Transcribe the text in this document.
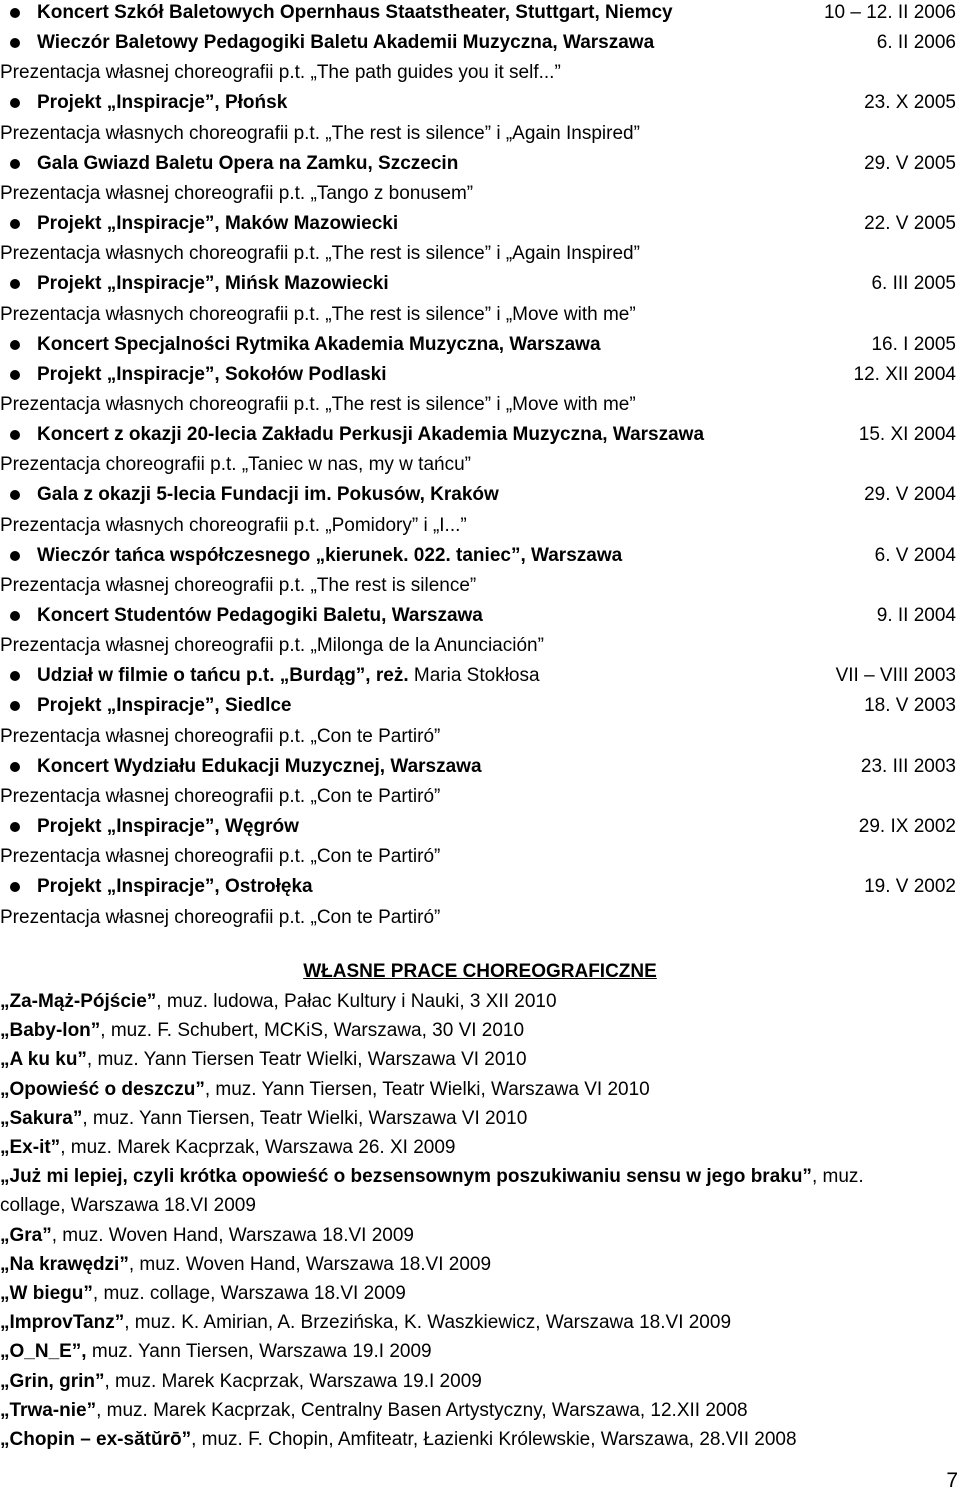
Koncert Szkół Baletowych Opernhaus Staatstheater, Stuttgart, Niemcy	10 – 12. II 2006
Wieczór Baletowy Pedagogiki Baletu Akademii Muzyczna, Warszawa	6. II 2006
Prezentacja własnej choreografii p.t. „The path guides you it self...”
Projekt „Inspiracje”, Płońsk	23. X 2005
Prezentacja własnych choreografii p.t. „The rest is silence” i „Again Inspired”
Gala Gwiazd Baletu Opera na Zamku, Szczecin	29. V 2005
Prezentacja własnej choreografii p.t. „Tango z bonusem”
Projekt „Inspiracje”, Maków Mazowiecki	22. V 2005
Prezentacja własnych choreografii p.t. „The rest is silence” i „Again Inspired”
Projekt „Inspiracje”, Mińsk Mazowiecki	6. III 2005
Prezentacja własnych choreografii p.t. „The rest is silence” i „Move with me”
Koncert Specjalności Rytmika Akademia Muzyczna, Warszawa	16. I 2005
Projekt „Inspiracje”, Sokołów Podlaski	12. XII 2004
Prezentacja własnych choreografii p.t. „The rest is silence” i „Move with me”
Koncert z okazji 20-lecia Zakładu Perkusji Akademia Muzyczna, Warszawa	15. XI 2004
Prezentacja choreografii p.t. „Taniec w nas, my w tańcu”
Gala z okazji 5-lecia Fundacji im. Pokusów, Kraków	29. V 2004
Prezentacja własnych choreografii p.t. „Pomidory” i „I...”
Wieczór tańca współczesnego „kierunek. 022. taniec”, Warszawa	6. V 2004
Prezentacja własnej choreografii p.t. „The rest is silence”
Koncert Studentów Pedagogiki Baletu, Warszawa	9. II 2004
Prezentacja własnej choreografii p.t. „Milonga de la Anunciación”
Udział w filmie o tańcu p.t. „Burdąg”, reż. Maria Stokłosa	VII – VIII 2003
Projekt „Inspiracje”, Siedlce	18. V 2003
Prezentacja własnej choreografii p.t. „Con te Partiró”
Koncert Wydziału Edukacji Muzycznej, Warszawa	23. III 2003
Prezentacja własnej choreografii p.t. „Con te Partiró”
Projekt „Inspiracje”, Węgrów	29. IX 2002
Prezentacja własnej choreografii p.t. „Con te Partiró”
Projekt „Inspiracje”, Ostrołęka	19. V 2002
Prezentacja własnej choreografii p.t. „Con te Partiró”
WŁASNE PRACE CHOREOGRAFICZNE
„Za-Mąż-Pójście”, muz. ludowa, Pałac Kultury i Nauki, 3 XII 2010
„Baby-lon”, muz. F. Schubert, MCKiS, Warszawa, 30 VI 2010
„A ku ku”, muz. Yann Tiersen Teatr Wielki, Warszawa VI 2010
„Opowieść o deszczu”, muz. Yann Tiersen, Teatr Wielki, Warszawa VI 2010
„Sakura”, muz. Yann Tiersen, Teatr Wielki, Warszawa VI 2010
„Ex-it”, muz. Marek Kacprzak, Warszawa 26. XI 2009
„Już mi lepiej, czyli krótka opowieść o bezsensownym poszukiwaniu sensu w jego braku”, muz.
collage, Warszawa 18.VI 2009
„Gra”, muz. Woven Hand, Warszawa 18.VI 2009
„Na krawędzi”, muz. Woven Hand, Warszawa 18.VI 2009
„W biegu”, muz. collage, Warszawa 18.VI 2009
„ImprovTanz”, muz. K. Amirian, A. Brzezińska, K. Waszkiewicz, Warszawa 18.VI 2009
„O_N_E”, muz. Yann Tiersen, Warszawa 19.I 2009
„Grin, grin”, muz. Marek Kacprzak, Warszawa 19.I 2009
„Trwa-nie”, muz. Marek Kacprzak, Centralny Basen Artystyczny, Warszawa, 12.XII 2008
„Chopin – ex-sătŭrō”, muz. F. Chopin, Amfiteatr, Łazienki Królewskie, Warszawa, 28.VII 2008
7
